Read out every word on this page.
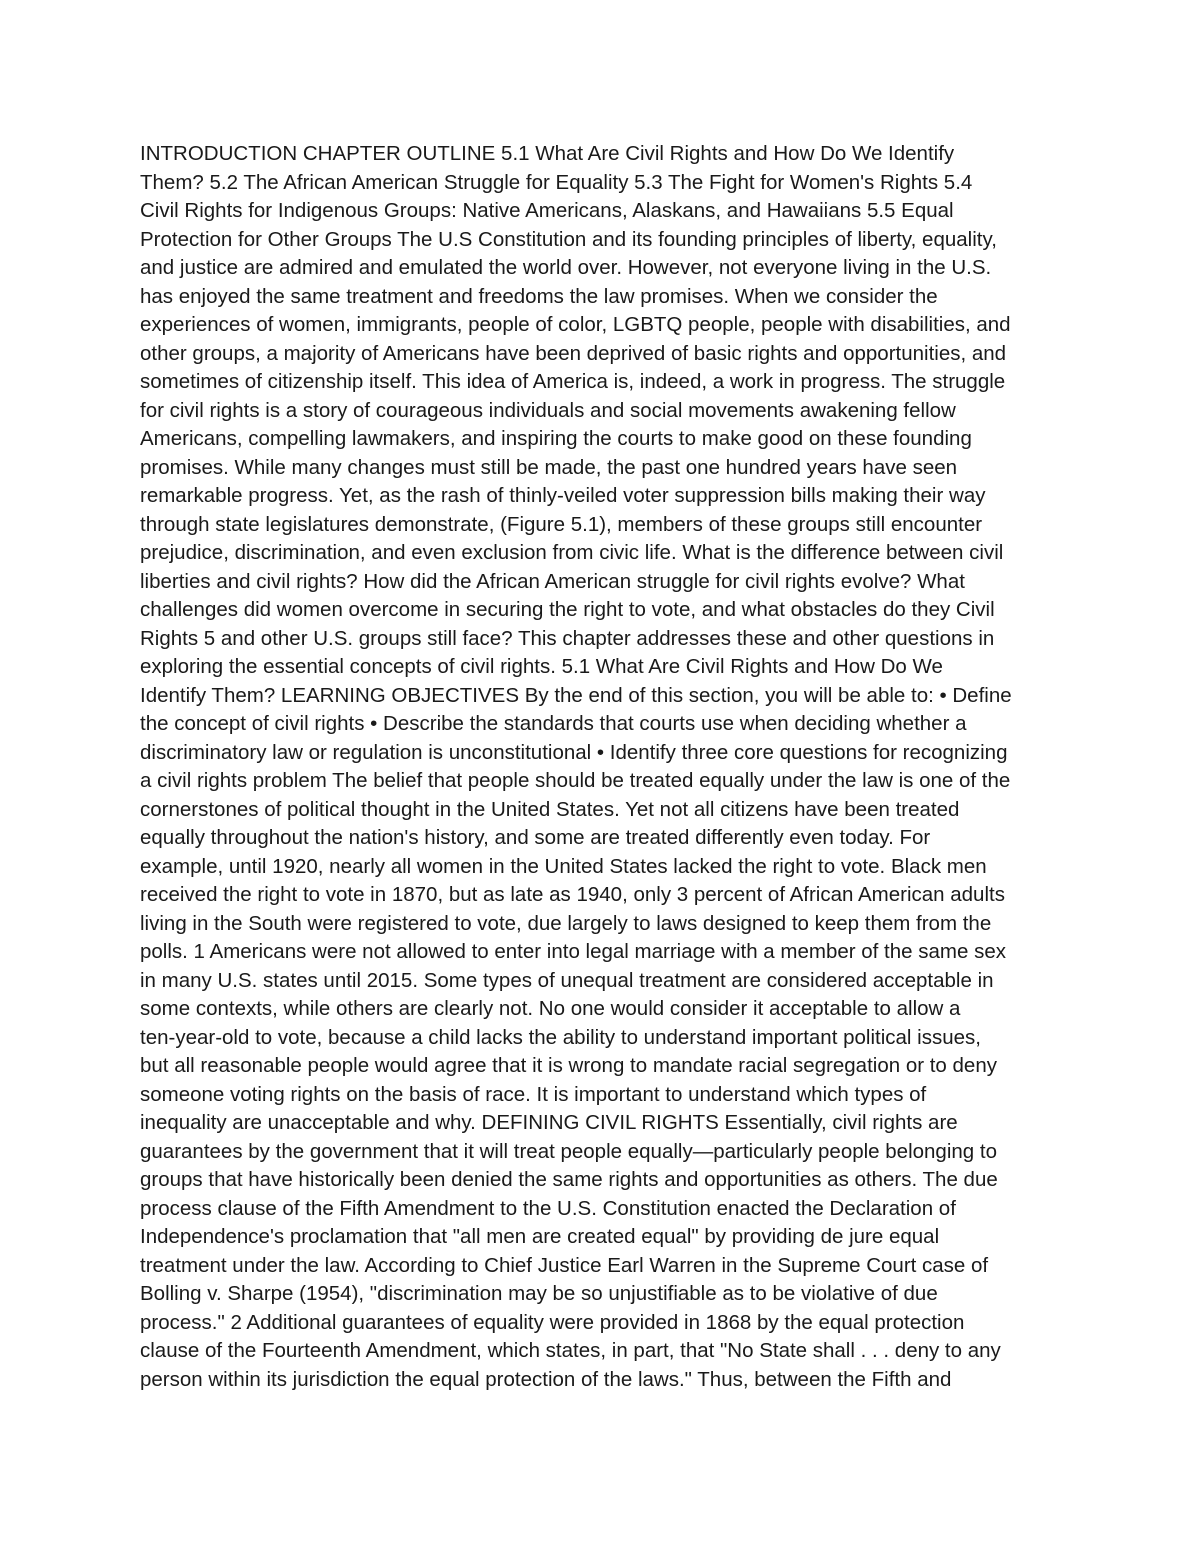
INTRODUCTION CHAPTER OUTLINE 5.1 What Are Civil Rights and How Do We Identify
Them? 5.2 The African American Struggle for Equality 5.3 The Fight for Women's Rights 5.4
Civil Rights for Indigenous Groups: Native Americans, Alaskans, and Hawaiians 5.5 Equal
Protection for Other Groups The U.S Constitution and its founding principles of liberty, equality,
and justice are admired and emulated the world over. However, not everyone living in the U.S.
has enjoyed the same treatment and freedoms the law promises. When we consider the
experiences of women, immigrants, people of color, LGBTQ people, people with disabilities, and
other groups, a majority of Americans have been deprived of basic rights and opportunities, and
sometimes of citizenship itself. This idea of America is, indeed, a work in progress. The struggle
for civil rights is a story of courageous individuals and social movements awakening fellow
Americans, compelling lawmakers, and inspiring the courts to make good on these founding
promises. While many changes must still be made, the past one hundred years have seen
remarkable progress. Yet, as the rash of thinly-veiled voter suppression bills making their way
through state legislatures demonstrate, (Figure 5.1), members of these groups still encounter
prejudice, discrimination, and even exclusion from civic life. What is the difference between civil
liberties and civil rights? How did the African American struggle for civil rights evolve? What
challenges did women overcome in securing the right to vote, and what obstacles do they Civil
Rights 5 and other U.S. groups still face? This chapter addresses these and other questions in
exploring the essential concepts of civil rights. 5.1 What Are Civil Rights and How Do We
Identify Them? LEARNING OBJECTIVES By the end of this section, you will be able to: • Define
the concept of civil rights • Describe the standards that courts use when deciding whether a
discriminatory law or regulation is unconstitutional • Identify three core questions for recognizing
a civil rights problem The belief that people should be treated equally under the law is one of the
cornerstones of political thought in the United States. Yet not all citizens have been treated
equally throughout the nation's history, and some are treated differently even today. For
example, until 1920, nearly all women in the United States lacked the right to vote. Black men
received the right to vote in 1870, but as late as 1940, only 3 percent of African American adults
living in the South were registered to vote, due largely to laws designed to keep them from the
polls. 1 Americans were not allowed to enter into legal marriage with a member of the same sex
in many U.S. states until 2015. Some types of unequal treatment are considered acceptable in
some contexts, while others are clearly not. No one would consider it acceptable to allow a
ten-year-old to vote, because a child lacks the ability to understand important political issues,
but all reasonable people would agree that it is wrong to mandate racial segregation or to deny
someone voting rights on the basis of race. It is important to understand which types of
inequality are unacceptable and why. DEFINING CIVIL RIGHTS Essentially, civil rights are
guarantees by the government that it will treat people equally—particularly people belonging to
groups that have historically been denied the same rights and opportunities as others. The due
process clause of the Fifth Amendment to the U.S. Constitution enacted the Declaration of
Independence's proclamation that "all men are created equal" by providing de jure equal
treatment under the law. According to Chief Justice Earl Warren in the Supreme Court case of
Bolling v. Sharpe (1954), "discrimination may be so unjustifiable as to be violative of due
process." 2 Additional guarantees of equality were provided in 1868 by the equal protection
clause of the Fourteenth Amendment, which states, in part, that "No State shall . . . deny to any
person within its jurisdiction the equal protection of the laws." Thus, between the Fifth and
